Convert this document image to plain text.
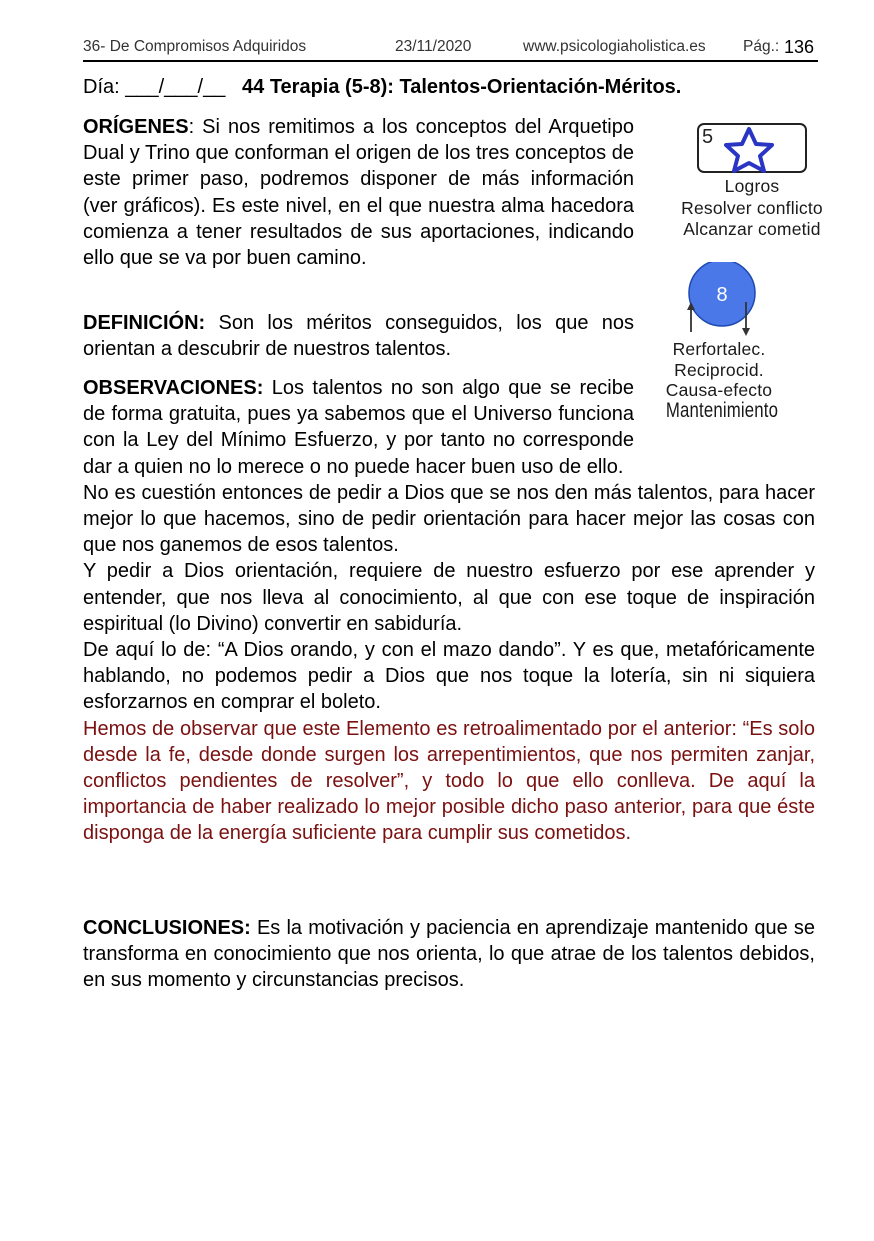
36- De Compromisos Adquiridos	23/11/2020	www.psicologiaholistica.es Pág.: 136
Día: ___/___/__ 44 Terapia (5-8): Talentos-Orientación-Méritos.
ORÍGENES: Si nos remitimos a los conceptos del Arquetipo Dual y Trino que conforman el origen de los tres conceptos de este primer paso, podremos disponer de más información (ver gráficos). Es este nivel, en el que nuestra alma hacedora comienza a tener resultados de sus aportaciones, indicando ello que se va por buen camino.
DEFINICIÓN: Son los méritos conseguidos, los que nos orientan a descubrir de nuestros talentos.
OBSERVACIONES: Los talentos no son algo que se recibe de forma gratuita, pues ya sabemos que el Universo funciona con la Ley del Mínimo Esfuerzo, y por tanto no corresponde dar a quien no lo merece o no puede hacer buen uso de ello.
No es cuestión entonces de pedir a Dios que se nos den más talentos, para hacer mejor lo que hacemos, sino de pedir orientación para hacer mejor las cosas con que nos ganemos de esos talentos.
Y pedir a Dios orientación, requiere de nuestro esfuerzo por ese aprender y entender, que nos lleva al conocimiento, al que con ese toque de inspiración espiritual (lo Divino) convertir en sabiduría.
De aquí lo de: “A Dios orando, y con el mazo dando”. Y es que, metafóricamente hablando, no podemos pedir a Dios que nos toque la lotería, sin ni siquiera esforzarnos en comprar el boleto.
Hemos de observar que este Elemento es retroalimentado por el anterior: “Es solo desde la fe, desde donde surgen los arrepentimientos, que nos permiten zanjar, conflictos pendientes de resolver”, y todo lo que ello conlleva. De aquí la importancia de haber realizado lo mejor posible dicho paso anterior, para que éste disponga de la energía suficiente para cumplir sus cometidos.
CONCLUSIONES: Es la motivación y paciencia en aprendizaje mantenido que se transforma en conocimiento que nos orienta, lo que atrae de los talentos debidos, en sus momento y circunstancias precisos.
5
Logros
Resolver conflicto
Alcanzar cometid
8
Rerfortalec.
Reciprocid.
Causa-efecto
Mantenimiento
